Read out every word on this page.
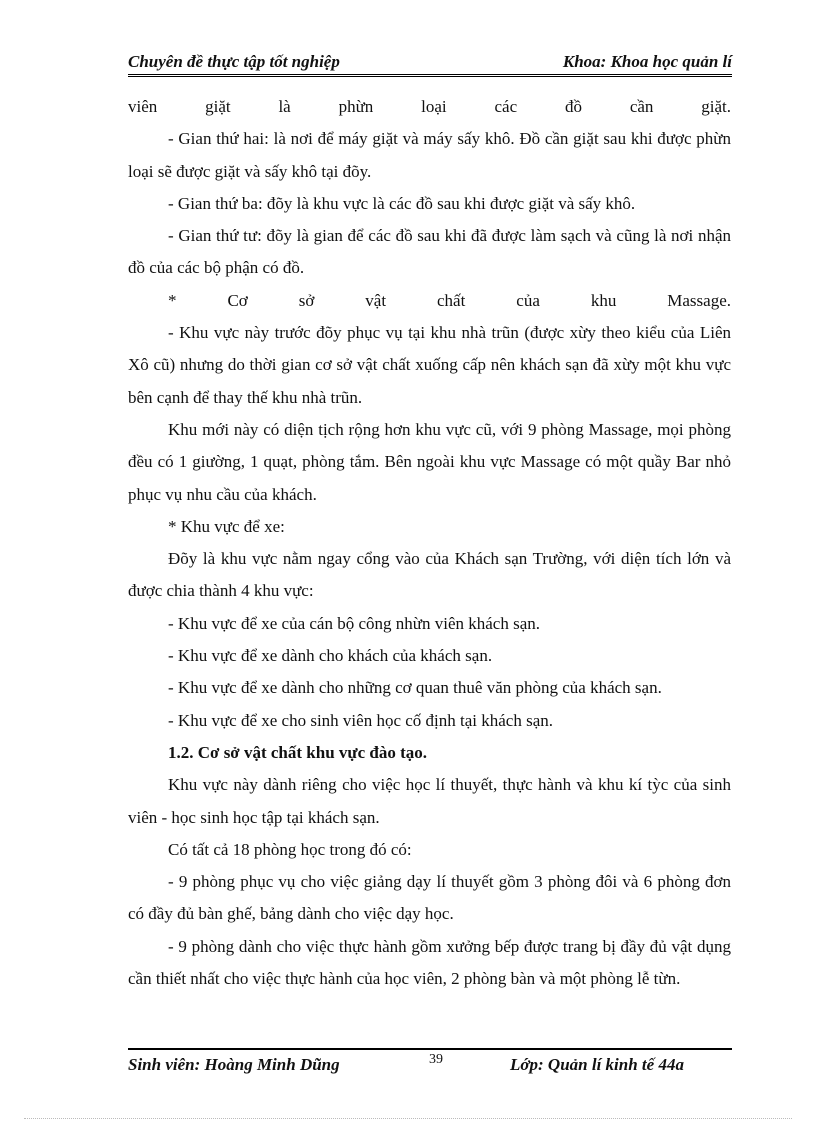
Chuyên đề thực tập tốt nghiệp	Khoa: Khoa học quản lí

viên giặt là phừn loại các đồ cần giặt.

- Gian thứ hai: là nơi để máy giặt và máy sấy khô. Đồ cần giặt sau khi được phừn loại sẽ được giặt và sấy khô tại đõy.

- Gian thứ ba: đõy là khu vực là các đồ sau khi được giặt và sấy khô.

- Gian thứ tư: đõy là gian để các đồ sau khi đã được làm sạch và cũng là nơi nhận đồ của các bộ phận có đồ.

* Cơ sở vật chất của khu Massage.

- Khu vực này trước đõy phục vụ tại khu nhà trũn (được xừy theo kiểu của Liên Xô cũ) nhưng do thời gian cơ sở vật chất xuống cấp nên khách sạn đã xừy một khu vực bên cạnh để thay thế khu nhà trũn.

Khu mới này có diện tịch rộng hơn khu vực cũ, với 9 phòng Massage, mọi phòng đều có 1 giường, 1 quạt, phòng tắm. Bên ngoài khu vực Massage có một quầy Bar nhỏ phục vụ nhu cầu của khách.

* Khu vực để xe:

Đõy là khu vực nằm ngay cổng vào của Khách sạn Trường, với diện tích lớn và được chia thành 4 khu vực:

- Khu vực để xe của cán bộ công nhừn viên khách sạn.

- Khu vực để xe dành cho khách của khách sạn.

- Khu vực để xe dành cho những cơ quan thuê văn phòng của khách sạn.

- Khu vực để xe cho sinh viên học cố định tại khách sạn.

1.2. Cơ sở vật chất khu vực đào tạo.

Khu vực này dành riêng cho việc học lí thuyết, thực hành và khu kí tỳc của sinh viên - học sinh học tập tại khách sạn.

Có tất cả 18 phòng học trong đó có:

- 9 phòng phục vụ cho việc giảng dạy lí thuyết gồm 3 phòng đôi và 6 phòng đơn có đầy đủ bàn ghế, bảng dành cho việc dạy học.

- 9 phòng dành cho việc thực hành gồm xưởng bếp được trang bị đầy đủ vật dụng cần thiết nhất cho việc thực hành của học viên, 2 phòng bàn và một phòng lễ từn.

Sinh viên: Hoàng Minh Dũng	39	Lớp: Quản lí kinh tế 44a
